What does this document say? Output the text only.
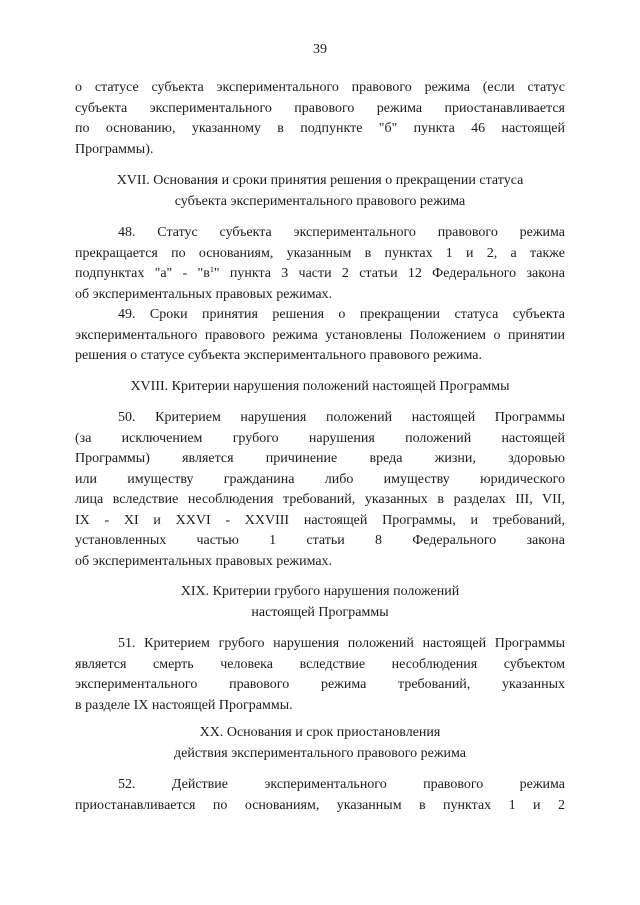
39
о статусе субъекта экспериментального правового режима (если статус
субъекта экспериментального правового режима приостанавливается
по основанию, указанному в подпункте "б" пункта 46 настоящей
Программы).
XVII. Основания и сроки принятия решения о прекращении статуса
субъекта экспериментального правового режима
48. Статус субъекта экспериментального правового режима
прекращается по основаниям, указанным в пунктах 1 и 2, а также
подпунктах "а" - "$в^1$" пункта 3 части 2 статьи 12 Федерального закона
об экспериментальных правовых режимах.
49. Сроки принятия решения о прекращении статуса субъекта
экспериментального правового режима установлены Положением о принятии
решения о статусе субъекта экспериментального правового режима.
XVIII. Критерии нарушения положений настоящей Программы
50. Критерием нарушения положений настоящей Программы
(за исключением грубого нарушения положений настоящей
Программы) является причинение вреда жизни, здоровью
или имуществу гражданина либо имуществу юридического
лица вследствие несоблюдения требований, указанных в разделах III, VII,
IX - XI и XXVI - XXVIII настоящей Программы, и требований,
установленных частью 1 статьи 8 Федерального закона
об экспериментальных правовых режимах.
XIX. Критерии грубого нарушения положений
настоящей Программы
51. Критерием грубого нарушения положений настоящей Программы
является смерть человека вследствие несоблюдения субъектом
экспериментального правового режима требований, указанных
в разделе IX настоящей Программы.
XX. Основания и срок приостановления
действия экспериментального правового режима
52. Действие экспериментального правового режима
приостанавливается по основаниям, указанным в пунктах 1 и 2
